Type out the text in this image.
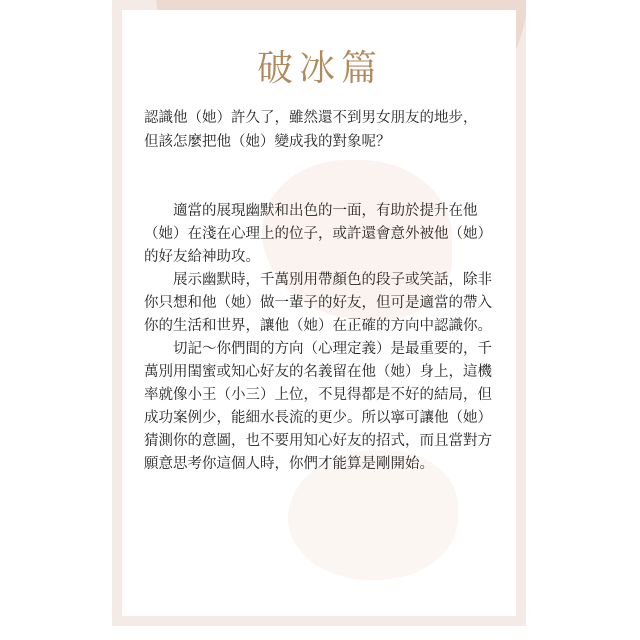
破冰篇
認識他（她）許久了，雖然還不到男女朋友的地步，
但該怎麼把他（她）變成我的對象呢？

適當的展現幽默和出色的一面，有助於提升在他（她）在淺在心理上的位子，或許還會意外被他（她）的好友給神助攻。

展示幽默時，千萬別用帶顏色的段子或笑話，除非你只想和他（她）做一輩子的好友，但可是適當的帶入你的生活和世界，讓他（她）在正確的方向中認識你。

切記～你們間的方向（心理定義）是最重要的，千萬別用閨蜜或知心好友的名義留在他（她）身上，這機率就像小王（小三）上位，不見得都是不好的結局，但成功案例少，能細水長流的更少。所以寧可讓他（她）猜測你的意圖，也不要用知心好友的招式，而且當對方願意思考你這個人時，你們才能算是剛開始。
